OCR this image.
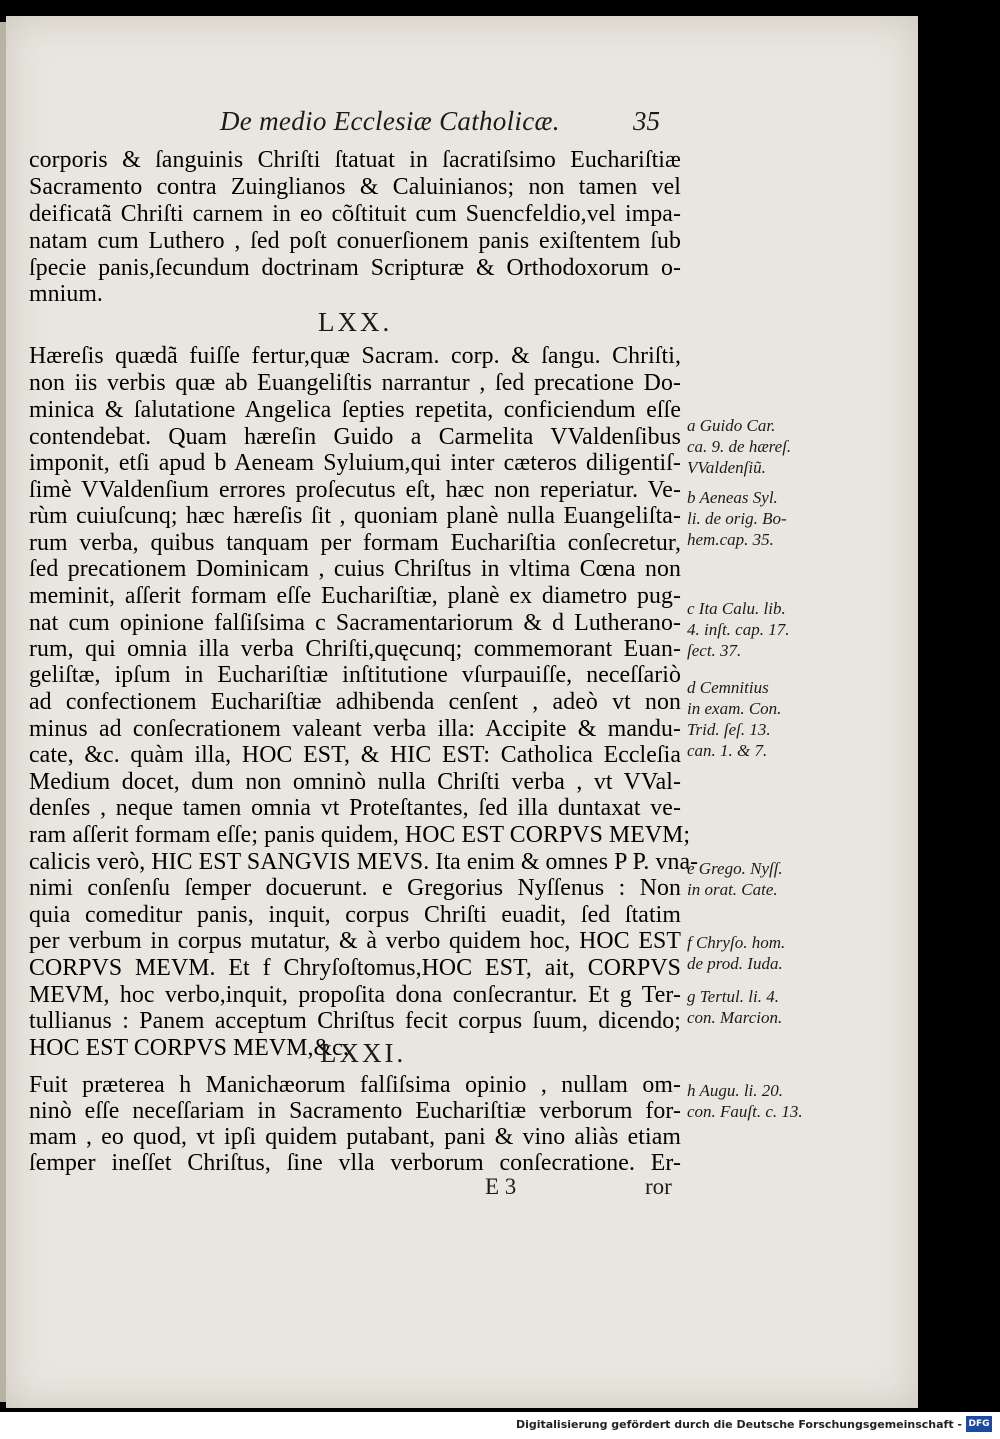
De medio Ecclesiæ Catholicæ.	35
corporis & ſanguinis Chriſti ſtatuat in ſacratiſsimo Euchariſtiæ
Sacramento contra Zuinglianos & Caluinianos; non tamen vel
deificatã Chriſti carnem in eo cõſtituit cum Suencfeldio,vel impa-
natam cum Luthero , ſed poſt conuerſionem panis exiſtentem ſub
ſpecie panis,ſecundum doctrinam Scripturæ & Orthodoxorum o-
mnium.
LXX.
Hæreſis quædã fuiſſe fertur,quæ Sacram. corp. & ſangu. Chriſti,
non iis verbis quæ ab Euangeliſtis narrantur , ſed precatione Do-
minica & ſalutatione Angelica ſepties repetita, conficiendum eſſe
contendebat. Quam hæreſin Guido a Carmelita VValdenſibus
imponit, etſi apud b Aeneam Syluium,qui inter cæteros diligentiſ-
ſimè VValdenſium errores proſecutus eſt, hæc non reperiatur. Ve-
rùm cuiuſcunq; hæc hæreſis ſit , quoniam planè nulla Euangeliſta-
rum verba, quibus tanquam per formam Euchariſtia conſecretur,
ſed precationem Dominicam , cuius Chriſtus in vltima Cœna non
meminit, aſſerit formam eſſe Euchariſtiæ, planè ex diametro pug-
nat cum opinione falſiſsima c Sacramentariorum & d Lutherano-
rum, qui omnia illa verba Chriſti,quęcunq; commemorant Euan-
geliſtæ, ipſum in Euchariſtiæ inſtitutione vſurpauiſſe, neceſſariò
ad confectionem Euchariſtiæ adhibenda cenſent , adeò vt non
minus ad conſecrationem valeant verba illa: Accipite & mandu-
cate, &c. quàm illa, HOC EST, & HIC EST: Catholica Eccleſia
Medium docet, dum non omninò nulla Chriſti verba , vt VVal-
denſes , neque tamen omnia vt Proteſtantes, ſed illa duntaxat ve-
ram aſſerit formam eſſe; panis quidem, HOC EST CORPVS MEVM;
calicis verò, HIC EST SANGVIS MEVS. Ita enim & omnes P P. vna-
nimi conſenſu ſemper docuerunt. e Gregorius Nyſſenus : Non
quia comeditur panis, inquit, corpus Chriſti euadit, ſed ſtatim
per verbum in corpus mutatur, & à verbo quidem hoc, HOC EST
CORPVS MEVM. Et f Chryſoſtomus,HOC EST, ait, CORPVS
MEVM, hoc verbo,inquit, propoſita dona conſecrantur. Et g Ter-
tullianus : Panem acceptum Chriſtus fecit corpus ſuum, dicendo;
HOC EST CORPVS MEVM,&c.
LXXI.
Fuit præterea h Manichæorum falſiſsima opinio , nullam om-
ninò eſſe neceſſariam in Sacramento Euchariſtiæ verborum for-
mam , eo quod, vt ipſi quidem putabant, pani & vino aliàs etiam
ſemper ineſſet Chriſtus, ſine vlla verborum conſecratione. Er-
E 3	ror
a Guido Car.
ca. 9. de hæreſ.
VValdenſiũ.
b Aeneas Syl.
li. de orig. Bo-
hem.cap. 35.
c Ita Calu. lib.
4. inſt. cap. 17.
ſect. 37.
d Cemnitius
in exam. Con.
Trid. ſeſ. 13.
can. 1. & 7.
e Grego. Nyſſ.
in orat. Cate.
f Chryſo. hom.
de prod. Iuda.
g Tertul. li. 4.
con. Marcion.
h Augu. li. 20.
con. Fauſt. c. 13.
Digitalisierung gefördert durch die Deutsche Forschungsgemeinschaft - DFG
